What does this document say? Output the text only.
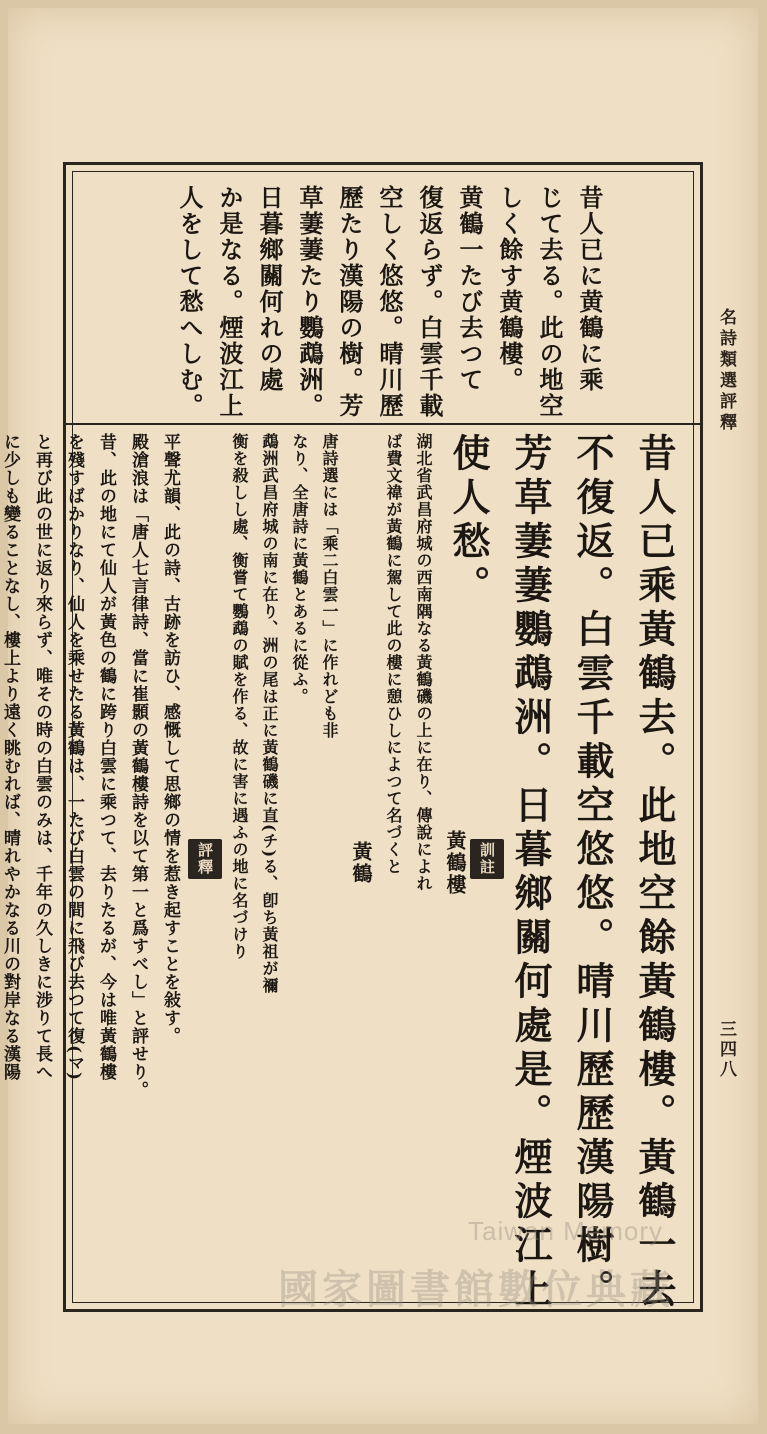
名詩類選評釋
三四八
昔人已に黄鶴に乘
じて去る。此の地空
しく餘す黄鶴樓。
黄鶴一たび去つて
復返らず。白雲千載
空しく悠悠。晴川歷
歷たり漢陽の樹。芳
草萋萋たり鸚鵡洲。
日暮鄉關何れの處
か是なる。煙波江上
人をして愁へしむ。
昔人已乘黃鶴去。此地空餘黃鶴樓。黃鶴一去
不復返。白雲千載空悠悠。晴川歷歷漢陽樹。
芳草萋萋鸚鵡洲。日暮鄉關何處是。煙波江上
使人愁。
訓註
黃鶴樓
湖北省武昌府城の西南隅なる黃鶴磯の上に在り、傳說によれ
ば費文禕が黃鶴に駕して此の樓に憩ひしによつて名づくと
黃鶴
唐詩選には「乘二白雲一」に作れども非
なり、全唐詩に黃鶴とあるに從ふ。
鵡洲武昌府城の南に在り、洲の尾は正に黃鶴磯に直(チ)る、卽ち黃祖が禰
衡を殺しし處、衡嘗て鸚鵡の賦を作る、故に害に遇ふの地に名づけり
評釋
平聲尤韻、此の詩、古跡を訪ひ、感慨して思鄉の情を惹き起すことを敍す。
殿滄浪は「唐人七言律詩、當に崔顥の黃鶴樓詩を以て第一と爲すべし」と評せり。
昔、此の地にて仙人が黃色の鶴に跨り白雲に乘つて、去りたるが、今は唯黃鶴樓
を殘すばかりなり、仙人を乘せたる黃鶴は、一たび白雲の間に飛び去つて復(マ)
と再び此の世に返り來らず、唯その時の白雲のみは、千年の久しきに涉りて長へ
に少しも變ることなし、樓上より遠く眺むれば、晴れやかなる川の對岸なる漢陽
Taiwan Memory
國家圖書館數位典藏
